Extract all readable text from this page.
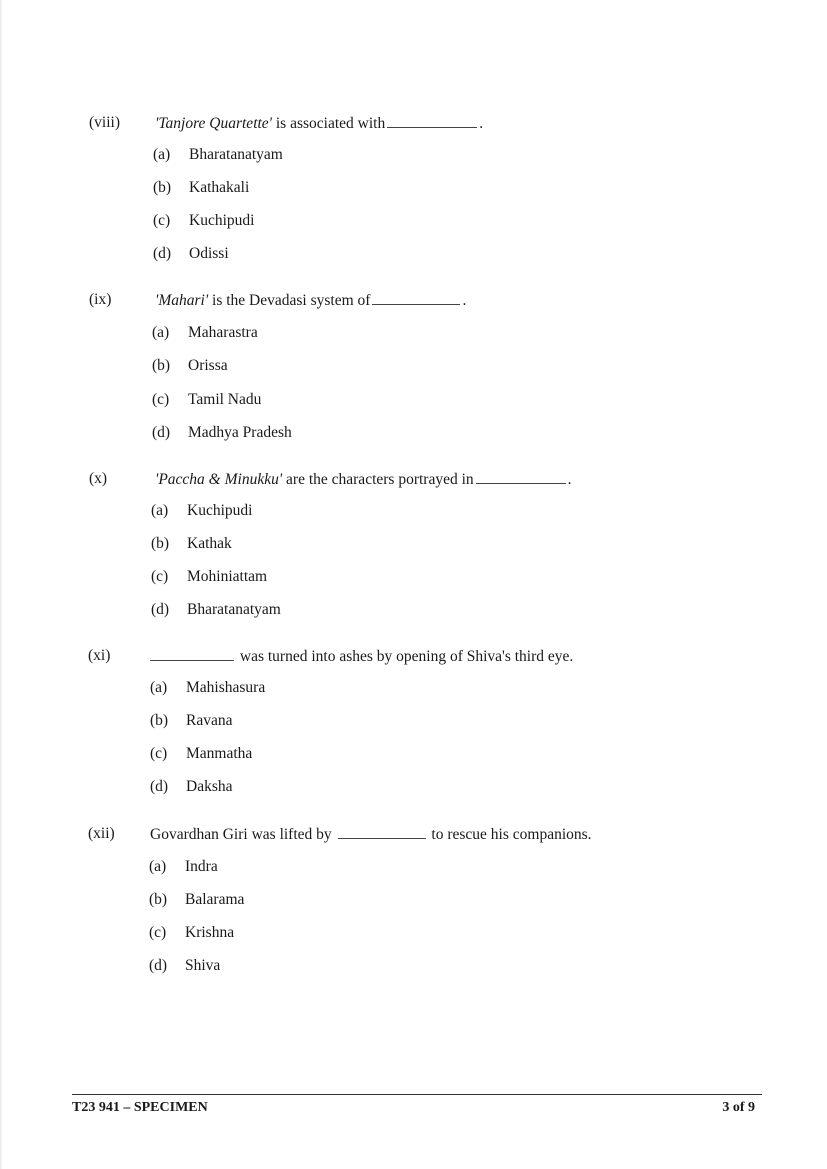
(viii) 'Tanjore Quartette' is associated with	.
(a) Bharatanatyam
(b) Kathakali
(c) Kuchipudi
(d) Odissi
(ix)	'Mahari' is the Devadasi system of	.
(a) Maharastra
(b) Orissa
(c) Tamil Nadu
(d) Madhya Pradesh
(x)	'Paccha & Minukku' are the characters portrayed in	.
(a) Kuchipudi
(b) Kathak
(c) Mohiniattam
(d) Bharatanatyam
(xi)	was turned into ashes by opening of Shiva's third eye.
(a) Mahishasura
(b) Ravana
(c) Manmatha
(d) Daksha
(xii) Govardhan Giri was lifted by	to rescue his companions.
(a) Indra
(b) Balarama
(c) Krishna
(d) Shiva
T23 941 – SPECIMEN	3 of 9
